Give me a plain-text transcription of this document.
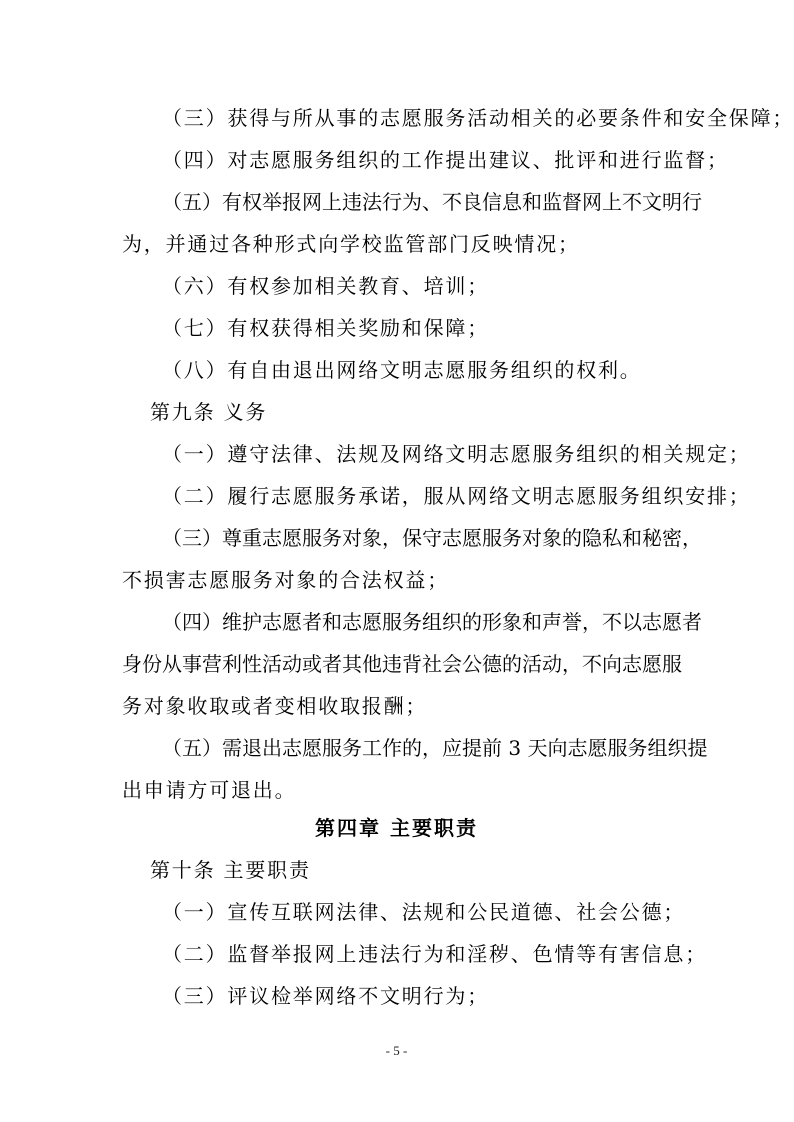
（三）获得与所从事的志愿服务活动相关的必要条件和安全保障；
（四）对志愿服务组织的工作提出建议、批评和进行监督；
（五）有权举报网上违法行为、不良信息和监督网上不文明行
为，并通过各种形式向学校监管部门反映情况；
（六）有权参加相关教育、培训；
（七）有权获得相关奖励和保障；
（八）有自由退出网络文明志愿服务组织的权利。
第九条 义务
（一）遵守法律、法规及网络文明志愿服务组织的相关规定；
（二）履行志愿服务承诺，服从网络文明志愿服务组织安排；
（三）尊重志愿服务对象，保守志愿服务对象的隐私和秘密，
不损害志愿服务对象的合法权益；
（四）维护志愿者和志愿服务组织的形象和声誉，不以志愿者
身份从事营利性活动或者其他违背社会公德的活动，不向志愿服
务对象收取或者变相收取报酬；
（五）需退出志愿服务工作的，应提前 3 天向志愿服务组织提
出申请方可退出。
第四章 主要职责
第十条 主要职责
（一）宣传互联网法律、法规和公民道德、社会公德；
（二）监督举报网上违法行为和淫秽、色情等有害信息；
（三）评议检举网络不文明行为；
- 5 -
